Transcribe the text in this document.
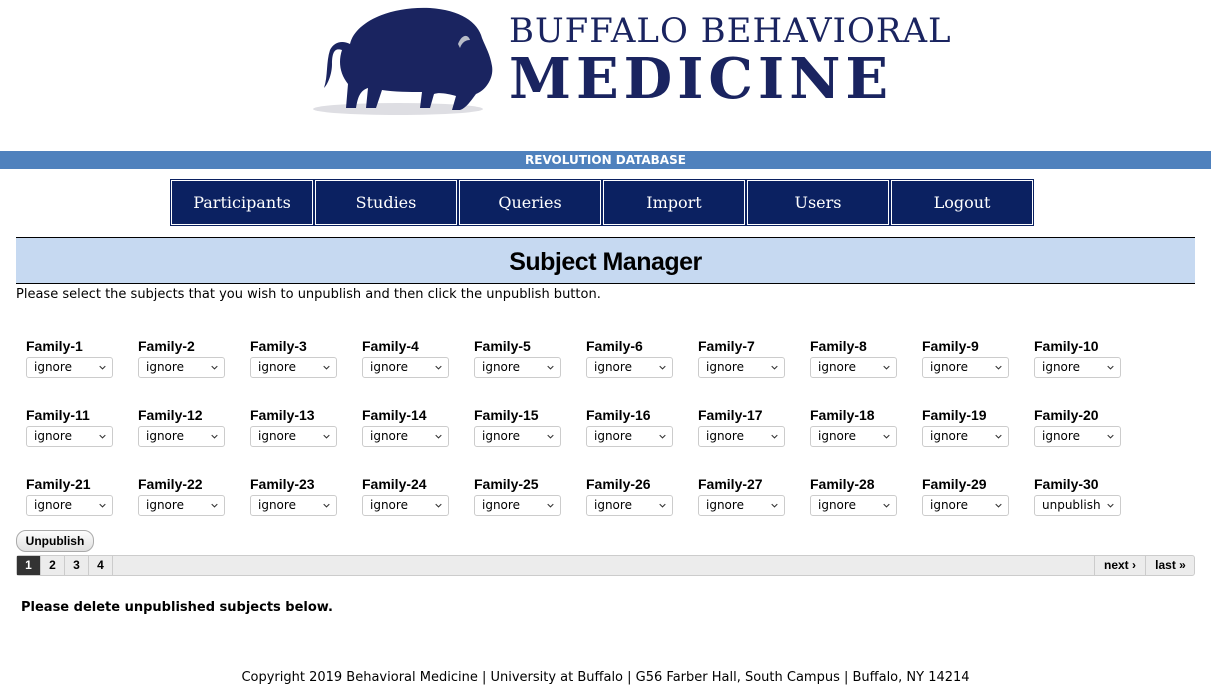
BUFFALO BEHAVIORAL
MEDICINE
REVOLUTION DATABASE
Participants	Studies	Queries	Import	Users	Logout
Subject Manager
Please select the subjects that you wish to unpublish and then click the unpublish button.
Family-1
ignore
Family-2
ignore
Family-3
ignore
Family-4
ignore
Family-5
ignore
Family-6
ignore
Family-7
ignore
Family-8
ignore
Family-9
ignore
Family-10
ignore
Family-11
ignore
Family-12
ignore
Family-13
ignore
Family-14
ignore
Family-15
ignore
Family-16
ignore
Family-17
ignore
Family-18
ignore
Family-19
ignore
Family-20
ignore
Family-21
ignore
Family-22
ignore
Family-23
ignore
Family-24
ignore
Family-25
ignore
Family-26
ignore
Family-27
ignore
Family-28
ignore
Family-29
ignore
Family-30
unpublish
Unpublish
1	2	3	4	next ›	last »
Please delete unpublished subjects below.
Copyright 2019 Behavioral Medicine | University at Buffalo | G56 Farber Hall, South Campus | Buffalo, NY 14214
